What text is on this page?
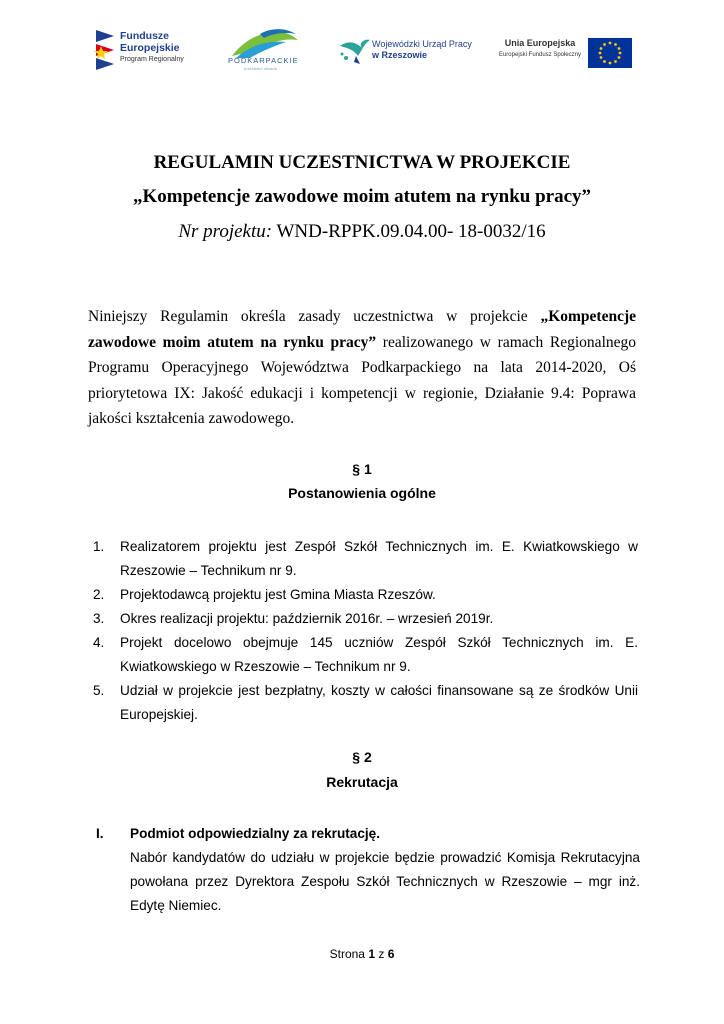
Fundusze
Europejskie
Program Regionalny	PODKARPACKIE
przestrzeń otwarta
Wojewódzki Urząd Pracy
w Rzeszowie
Unia Europejska
Europejski Fundusz Społeczny
REGULAMIN UCZESTNICTWA W PROJEKCIE
„Kompetencje zawodowe moim atutem na rynku pracy”
Nr projektu: WND-RPPK.09.04.00- 18-0032/16
Niniejszy Regulamin określa zasady uczestnictwa w projekcie „Kompetencje zawodowe moim atutem na rynku pracy” realizowanego w ramach Regionalnego Programu Operacyjnego Województwa Podkarpackiego na lata 2014-2020, Oś priorytetowa IX: Jakość edukacji i kompetencji w regionie, Działanie 9.4: Poprawa jakości kształcenia zawodowego.
§ 1
Postanowienia ogólne
1. Realizatorem projektu jest Zespół Szkół Technicznych im. E. Kwiatkowskiego w Rzeszowie – Technikum nr 9.
2. Projektodawcą projektu jest Gmina Miasta Rzeszów.
3. Okres realizacji projektu: październik 2016r. – wrzesień 2019r.
4. Projekt docelowo obejmuje 145 uczniów Zespół Szkół Technicznych im. E. Kwiatkowskiego w Rzeszowie – Technikum nr 9.
5. Udział w projekcie jest bezpłatny, koszty w całości finansowane są ze środków Unii Europejskiej.
§ 2
Rekrutacja
I.	Podmiot odpowiedzialny za rekrutację.
Nabór kandydatów do udziału w projekcie będzie prowadzić Komisja Rekrutacyjna powołana przez Dyrektora Zespołu Szkół Technicznych w Rzeszowie – mgr inż. Edytę Niemiec.
Strona 1 z 6
